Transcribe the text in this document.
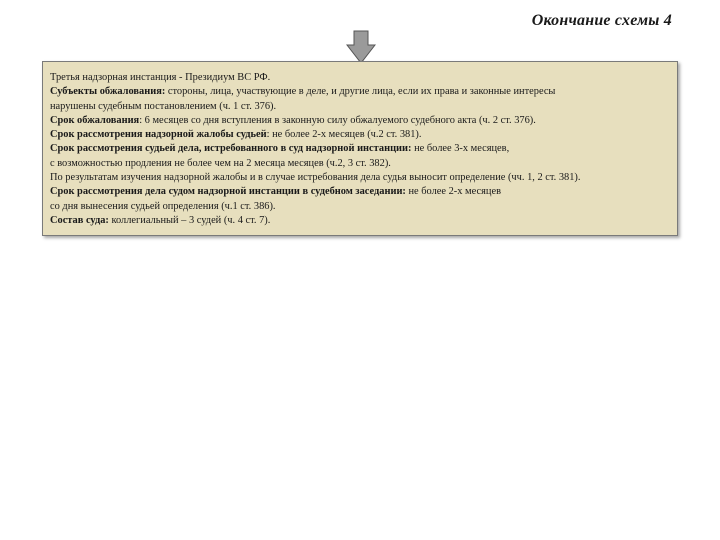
Окончание схемы 4
Третья надзорная инстанция - Президиум ВС РФ.
Субъекты обжалования: стороны, лица, участвующие в деле, и другие лица, если их права и законные интересы
нарушены судебным постановлением (ч. 1 ст. 376).
Срок обжалования: 6 месяцев со дня вступления в законную силу обжалуемого судебного акта (ч. 2 ст. 376).
Срок рассмотрения надзорной жалобы судьей: не более 2-х месяцев (ч.2 ст. 381).
Срок рассмотрения судьей дела, истребованного в суд надзорной инстанции: не более 3-х месяцев,
с возможностью продления не более чем на 2 месяца месяцев (ч.2, 3 ст. 382).
По результатам изучения надзорной жалобы и в случае истребования дела судья выносит определение (чч. 1, 2 ст. 381).
Срок рассмотрения дела судом надзорной инстанции в судебном заседании: не более 2-х месяцев
со дня вынесения судьей определения (ч.1 ст. 386).
Состав суда: коллегиальный – 3 судей (ч. 4 ст. 7).
